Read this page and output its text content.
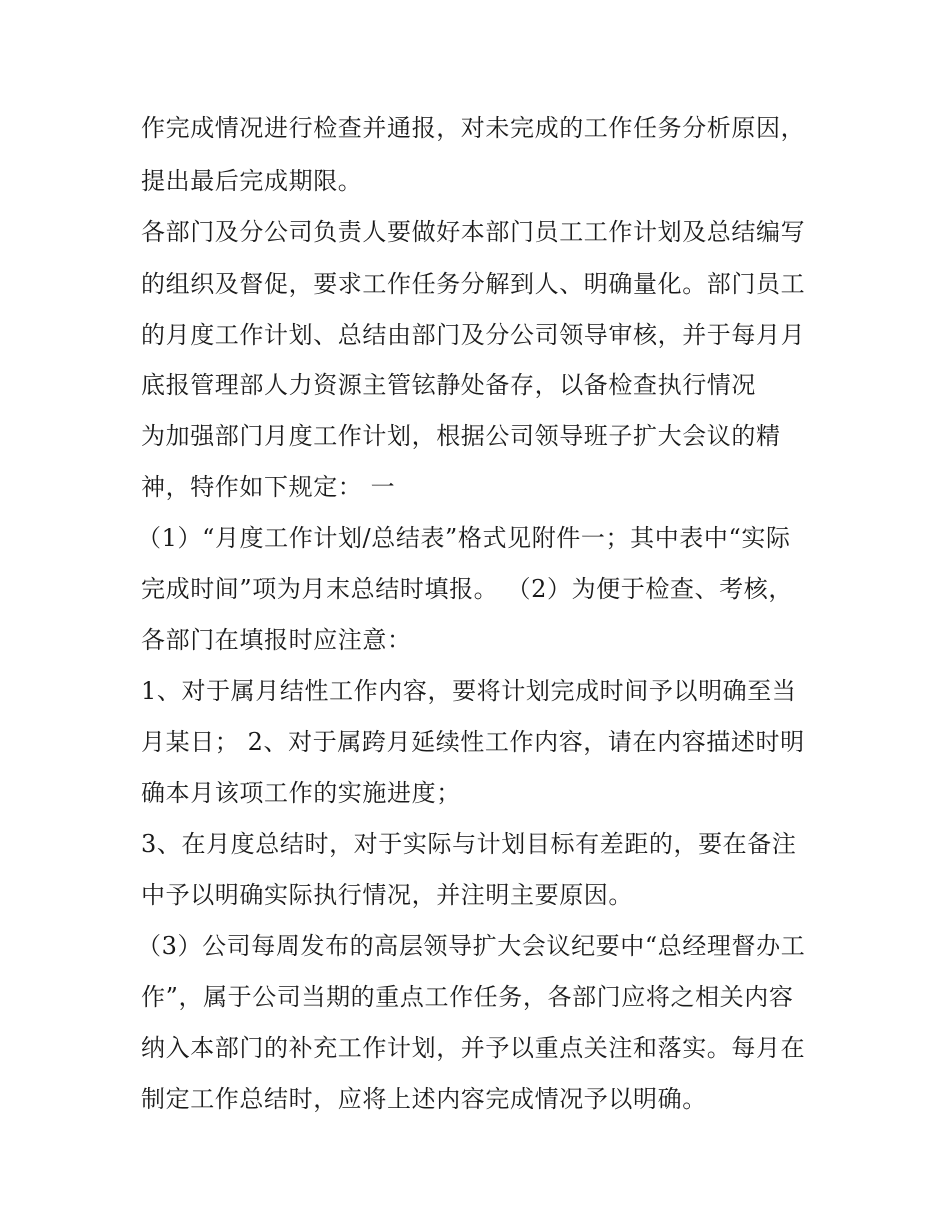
作完成情况进行检查并通报，对未完成的工作任务分析原因，
提出最后完成期限。
各部门及分公司负责人要做好本部门员工工作计划及总结编写
的组织及督促，要求工作任务分解到人、明确量化。部门员工
的月度工作计划、总结由部门及分公司领导审核，并于每月月
底报管理部人力资源主管铉静处备存，以备检查执行情况
为加强部门月度工作计划，根据公司领导班子扩大会议的精
神，特作如下规定： 一
（1）“月度工作计划/总结表”格式见附件一；其中表中“实际
完成时间”项为月末总结时填报。 （2）为便于检查、考核，
各部门在填报时应注意：
1、对于属月结性工作内容，要将计划完成时间予以明确至当
月某日； 2、对于属跨月延续性工作内容，请在内容描述时明
确本月该项工作的实施进度；
3、在月度总结时，对于实际与计划目标有差距的，要在备注
中予以明确实际执行情况，并注明主要原因。
（3）公司每周发布的高层领导扩大会议纪要中“总经理督办工
作”，属于公司当期的重点工作任务，各部门应将之相关内容
纳入本部门的补充工作计划，并予以重点关注和落实。每月在
制定工作总结时，应将上述内容完成情况予以明确。
